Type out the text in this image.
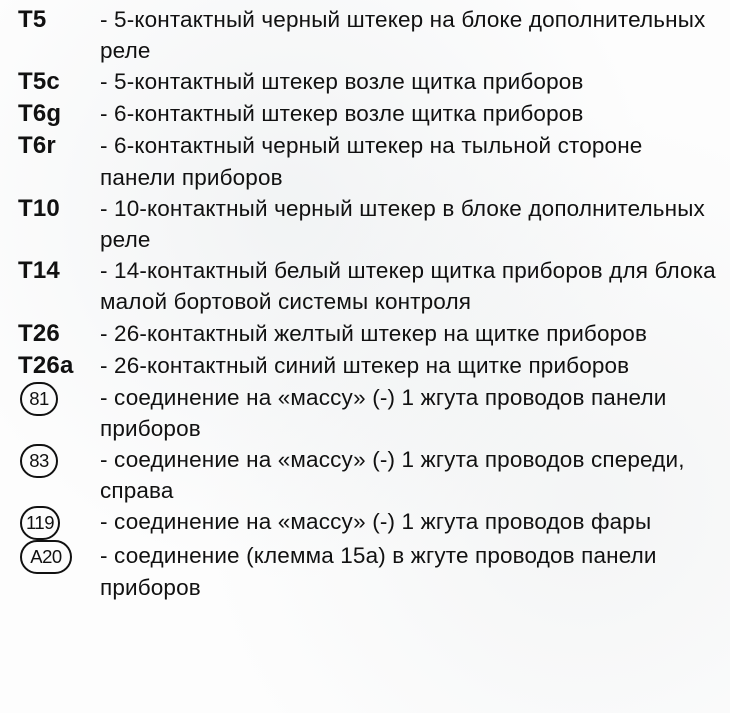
T5	- 5-контактный черный штекер на блоке дополнительных реле
T5c	- 5-контактный штекер возле щитка приборов
T6g	- 6-контактный штекер возле щитка приборов
T6r	- 6-контактный черный штекер на тыльной стороне панели приборов
T10	- 10-контактный черный штекер в блоке дополнительных реле
T14	- 14-контактный белый штекер щитка приборов для блока малой бортовой системы контроля
T26	- 26-контактный желтый штекер на щитке приборов
T26a	- 26-контактный синий штекер на щитке приборов
81	- соединение на «массу» (-) 1 жгута проводов панели приборов
83	- соединение на «массу» (-) 1 жгута проводов спереди, справа
119	- соединение на «массу» (-) 1 жгута проводов фары
A20	- соединение (клемма 15а) в жгуте проводов панели приборов
